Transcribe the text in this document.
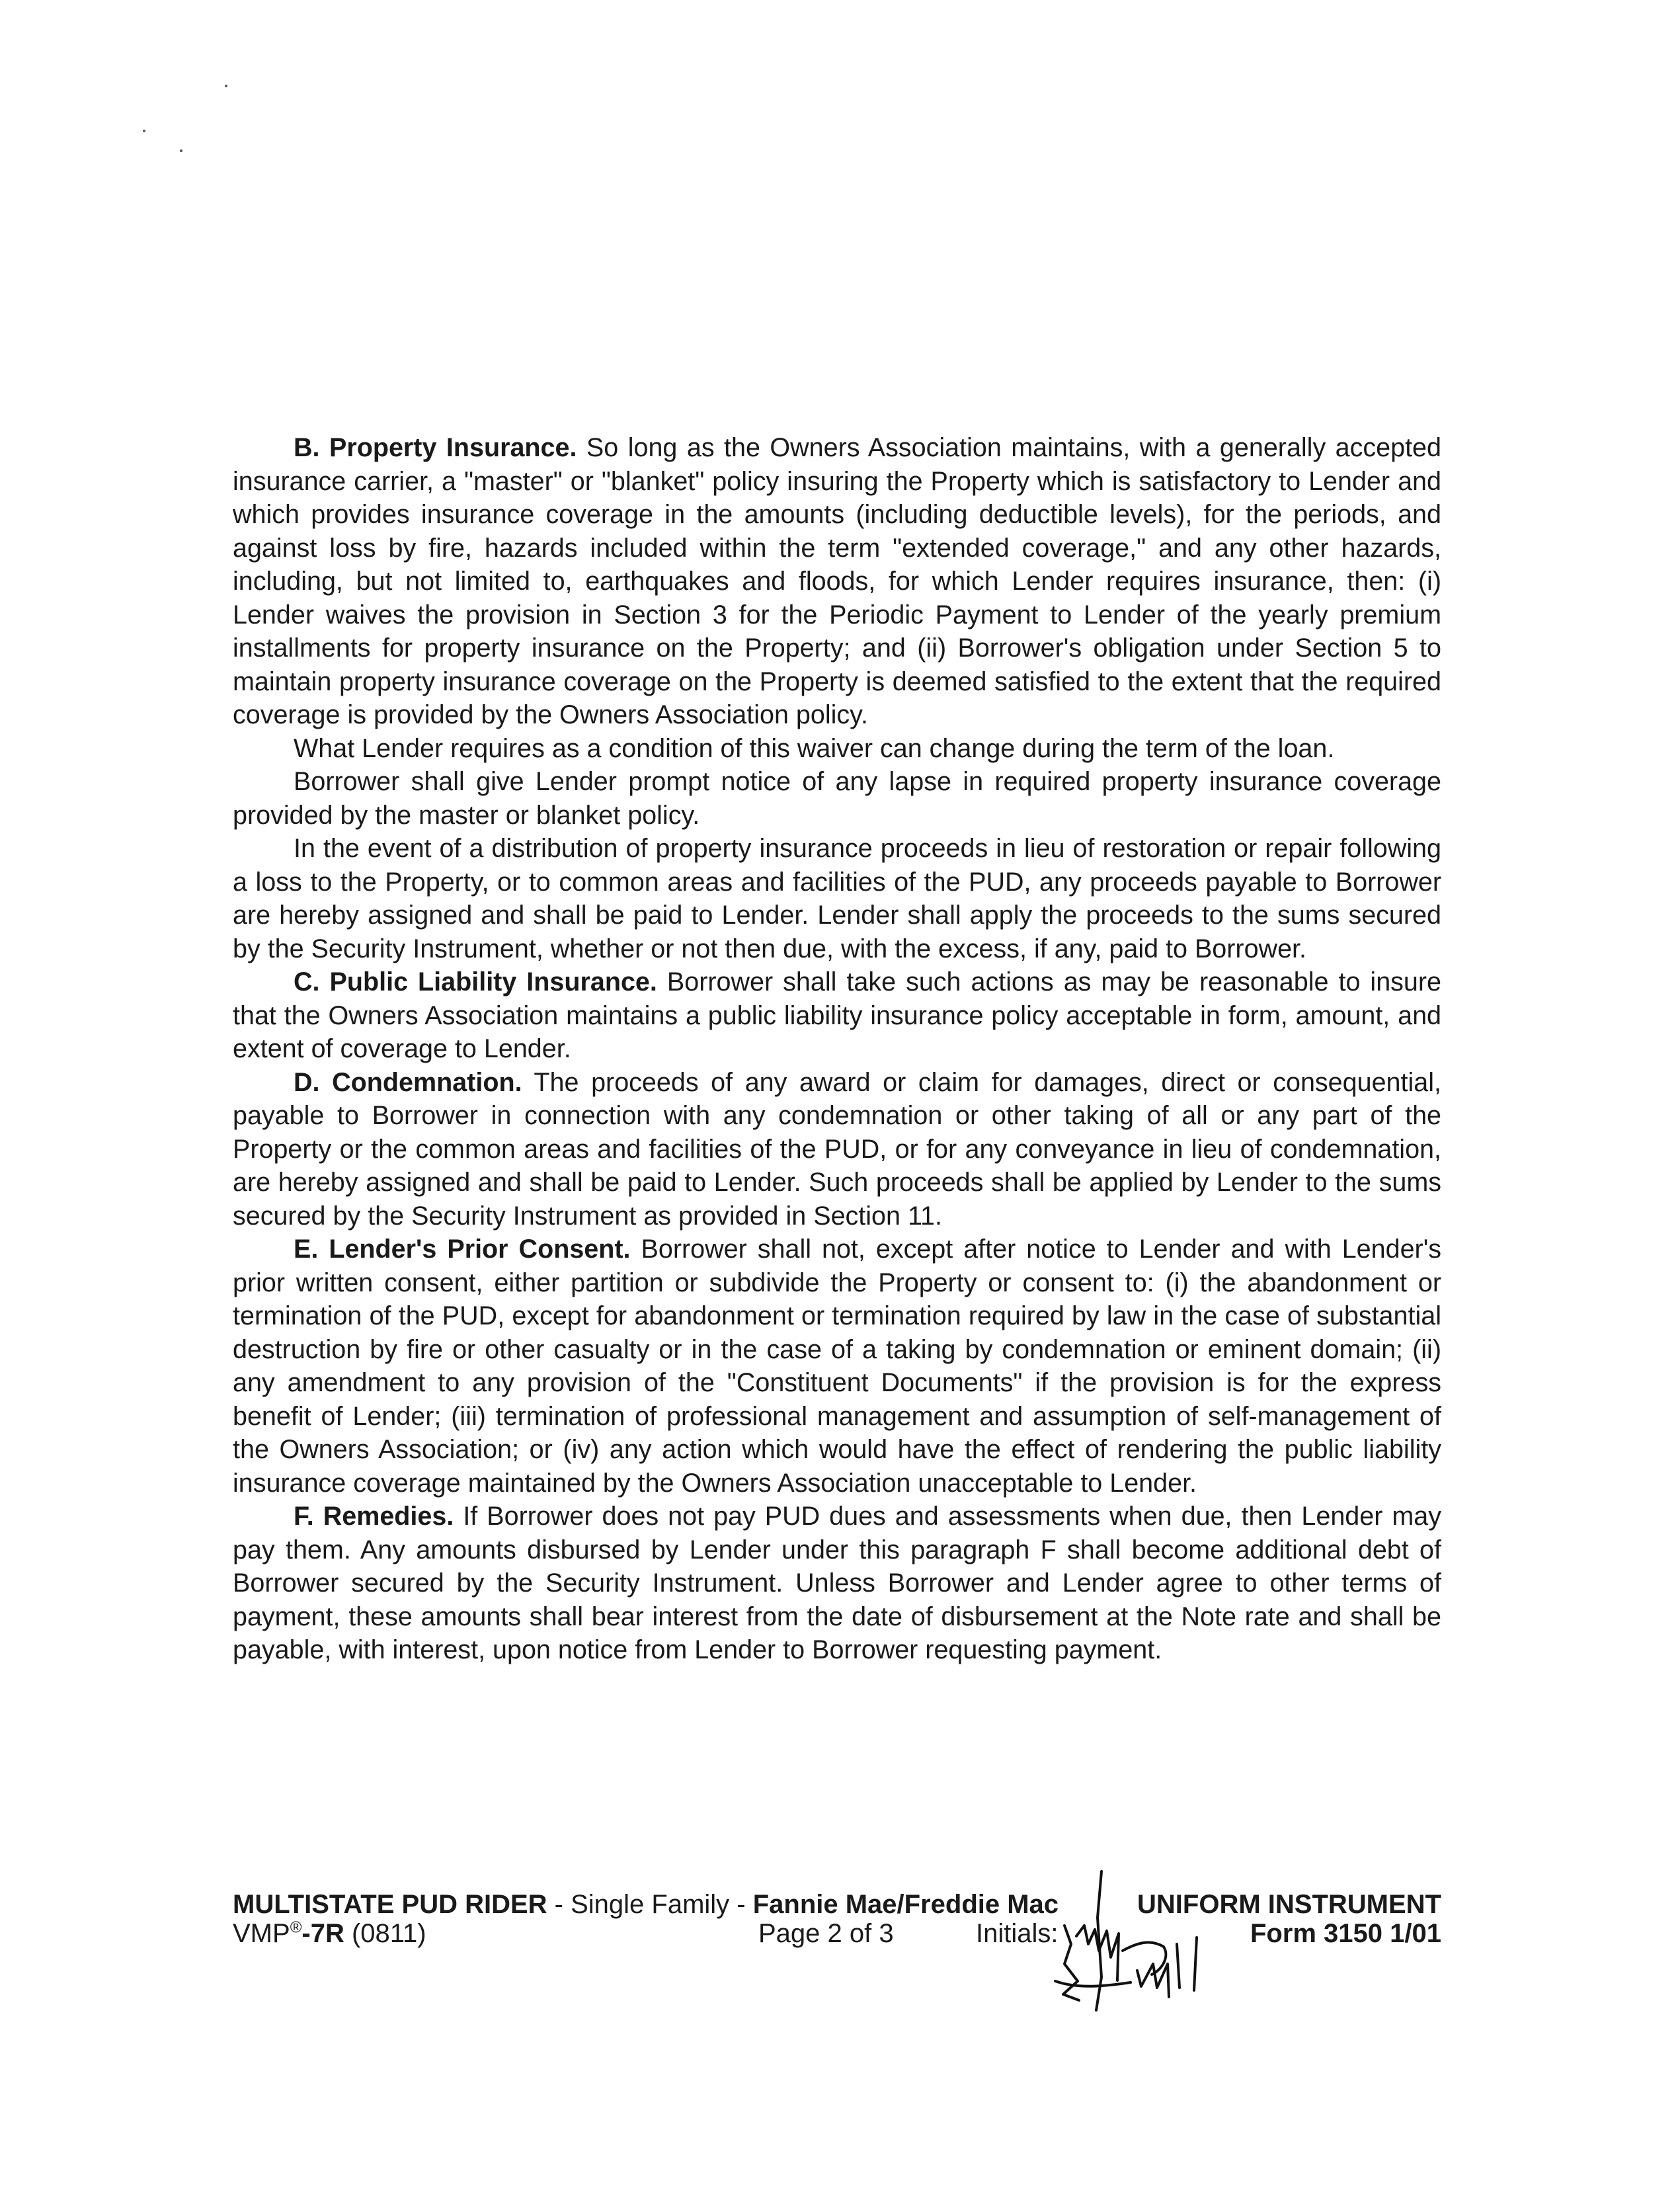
B. Property Insurance. So long as the Owners Association maintains, with a generally accepted insurance carrier, a "master" or "blanket" policy insuring the Property which is satisfactory to Lender and which provides insurance coverage in the amounts (including deductible levels), for the periods, and against loss by fire, hazards included within the term "extended coverage," and any other hazards, including, but not limited to, earthquakes and floods, for which Lender requires insurance, then: (i) Lender waives the provision in Section 3 for the Periodic Payment to Lender of the yearly premium installments for property insurance on the Property; and (ii) Borrower's obligation under Section 5 to maintain property insurance coverage on the Property is deemed satisfied to the extent that the required coverage is provided by the Owners Association policy.

What Lender requires as a condition of this waiver can change during the term of the loan.

Borrower shall give Lender prompt notice of any lapse in required property insurance coverage provided by the master or blanket policy.

In the event of a distribution of property insurance proceeds in lieu of restoration or repair following a loss to the Property, or to common areas and facilities of the PUD, any proceeds payable to Borrower are hereby assigned and shall be paid to Lender. Lender shall apply the proceeds to the sums secured by the Security Instrument, whether or not then due, with the excess, if any, paid to Borrower.

C. Public Liability Insurance. Borrower shall take such actions as may be reasonable to insure that the Owners Association maintains a public liability insurance policy acceptable in form, amount, and extent of coverage to Lender.

D. Condemnation. The proceeds of any award or claim for damages, direct or consequential, payable to Borrower in connection with any condemnation or other taking of all or any part of the Property or the common areas and facilities of the PUD, or for any conveyance in lieu of condemnation, are hereby assigned and shall be paid to Lender. Such proceeds shall be applied by Lender to the sums secured by the Security Instrument as provided in Section 11.

E. Lender's Prior Consent. Borrower shall not, except after notice to Lender and with Lender's prior written consent, either partition or subdivide the Property or consent to: (i) the abandonment or termination of the PUD, except for abandonment or termination required by law in the case of substantial destruction by fire or other casualty or in the case of a taking by condemnation or eminent domain; (ii) any amendment to any provision of the "Constituent Documents" if the provision is for the express benefit of Lender; (iii) termination of professional management and assumption of self-management of the Owners Association; or (iv) any action which would have the effect of rendering the public liability insurance coverage maintained by the Owners Association unacceptable to Lender.

F. Remedies. If Borrower does not pay PUD dues and assessments when due, then Lender may pay them. Any amounts disbursed by Lender under this paragraph F shall become additional debt of Borrower secured by the Security Instrument. Unless Borrower and Lender agree to other terms of payment, these amounts shall bear interest from the date of disbursement at the Note rate and shall be payable, with interest, upon notice from Lender to Borrower requesting payment.

MULTISTATE PUD RIDER - Single Family - Fannie Mae/Freddie Mac	UNIFORM INSTRUMENT
VMP®-7R (0811)	Page 2 of 3	Initials:	Form 3150 1/01
